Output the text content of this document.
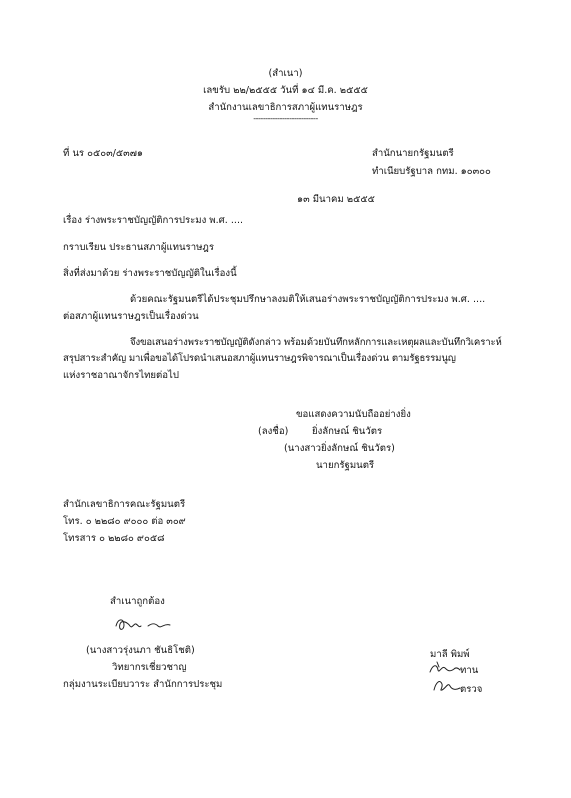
(สำเนา)
เลขรับ ๒๒/๒๕๕๕ วันที่ ๑๔ มี.ค. ๒๕๕๕
สำนักงานเลขาธิการสภาผู้แทนราษฎร
---------------------------
ที่ นร ๐๕๐๓/๕๓๗๑	สำนักนายกรัฐมนตรี
ทำเนียบรัฐบาล กทม. ๑๐๓๐๐
๑๓ มีนาคม ๒๕๕๕
เรื่อง ร่างพระราชบัญญัติการประมง พ.ศ. ....
กราบเรียน ประธานสภาผู้แทนราษฎร
สิ่งที่ส่งมาด้วย ร่างพระราชบัญญัติในเรื่องนี้
ด้วยคณะรัฐมนตรีได้ประชุมปรึกษาลงมติให้เสนอร่างพระราชบัญญัติการประมง พ.ศ. ....
ต่อสภาผู้แทนราษฎรเป็นเรื่องด่วน
จึงขอเสนอร่างพระราชบัญญัติดังกล่าว พร้อมด้วยบันทึกหลักการและเหตุผลและบันทึกวิเคราะห์
สรุปสาระสำคัญ มาเพื่อขอได้โปรดนำเสนอสภาผู้แทนราษฎรพิจารณาเป็นเรื่องด่วน ตามรัฐธรรมนูญ
แห่งราชอาณาจักรไทยต่อไป
ขอแสดงความนับถืออย่างยิ่ง
(ลงชื่อ) ยิ่งลักษณ์ ชินวัตร
(นางสาวยิ่งลักษณ์ ชินวัตร)
นายกรัฐมนตรี
สำนักเลขาธิการคณะรัฐมนตรี
โทร. ๐ ๒๒๘๐ ๙๐๐๐ ต่อ ๓๐๙
โทรสาร ๐ ๒๒๘๐ ๙๐๕๘
สำเนาถูกต้อง
(นางสาวรุ่งนภา ชันธิโชติ)
วิทยากรเชี่ยวชาญ
กลุ่มงานระเบียบวาระ สำนักการประชุม
มาลี พิมพ์
ทาน
ตรวจ
